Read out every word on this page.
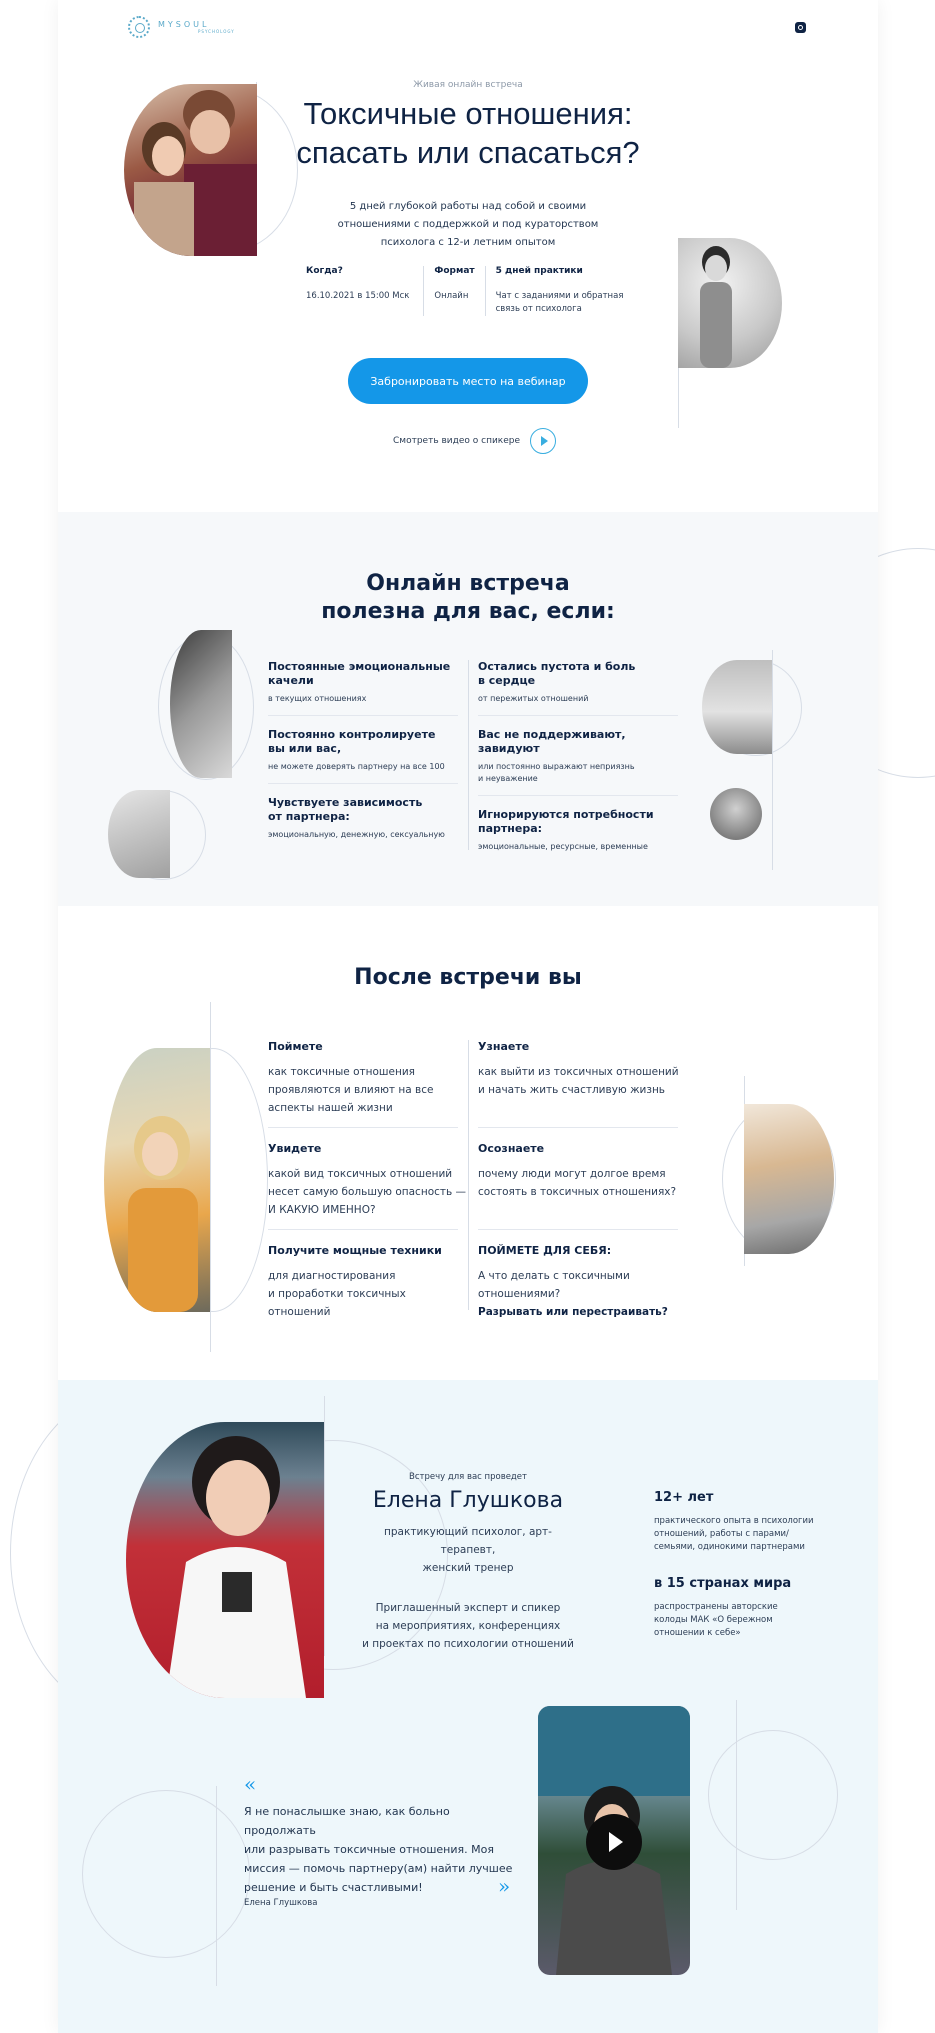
MYSOUL
PSYCHOLOGY
Живая онлайн встреча
Токсичные отношения:
спасать или спасаться?
5 дней глубокой работы над собой и своими
отношениями с поддержкой и под кураторством
психолога с 12-и летним опытом
Когда?
16.10.2021 в 15:00 Мск
Формат
Онлайн
5 дней практики
Чат с заданиями и обратная
связь от психолога
Забронировать место на вебинар
Смотреть видео о спикере
Онлайн встреча
полезна для вас, если:
Постоянные эмоциональные
качели
в текущих отношениях
Постоянно контролируете
вы или вас,
не можете доверять партнеру на все 100
Чувствуете зависимость
от партнера:
эмоциональную, денежную, сексуальную
Остались пустота и боль
в сердце
от пережитых отношений
Вас не поддерживают, завидуют
или постоянно выражают неприязнь
и неуважение
Игнорируются потребности
партнера:
эмоциональные, ресурсные, временные
После встречи вы
Поймете
как токсичные отношения
проявляются и влияют на все
аспекты нашей жизни
Увидете
какой вид токсичных отношений
несет самую большую опасность —
И КАКУЮ ИМЕННО?
Получите мощные техники
для диагностирования
и проработки токсичных
отношений
Узнаете
как выйти из токсичных отношений
и начать жить счастливую жизнь
Осознаете
почему люди могут долгое время
состоять в токсичных отношениях?
ПОЙМЕТЕ ДЛЯ СЕБЯ:
А что делать с токсичными
отношениями?
Разрывать или перестраивать?
Встречу для вас проведет
Елена Глушкова
практикующий психолог, арт-терапевт,
женский тренер
Приглашенный эксперт и спикер
на мероприятиях, конференциях
и проектах по психологии отношений
12+ лет
практического опыта в психологии
отношений, работы с парами/
семьями, одинокими партнерами
в 15 странах мира
распространены авторские
колоды МАК «О бережном
отношении к себе»
«
Я не понаслышке знаю, как больно продолжать
или разрывать токсичные отношения. Моя
миссия — помочь партнеру(ам) найти лучшее
решение и быть счастливыми!
Елена Глушкова
»
